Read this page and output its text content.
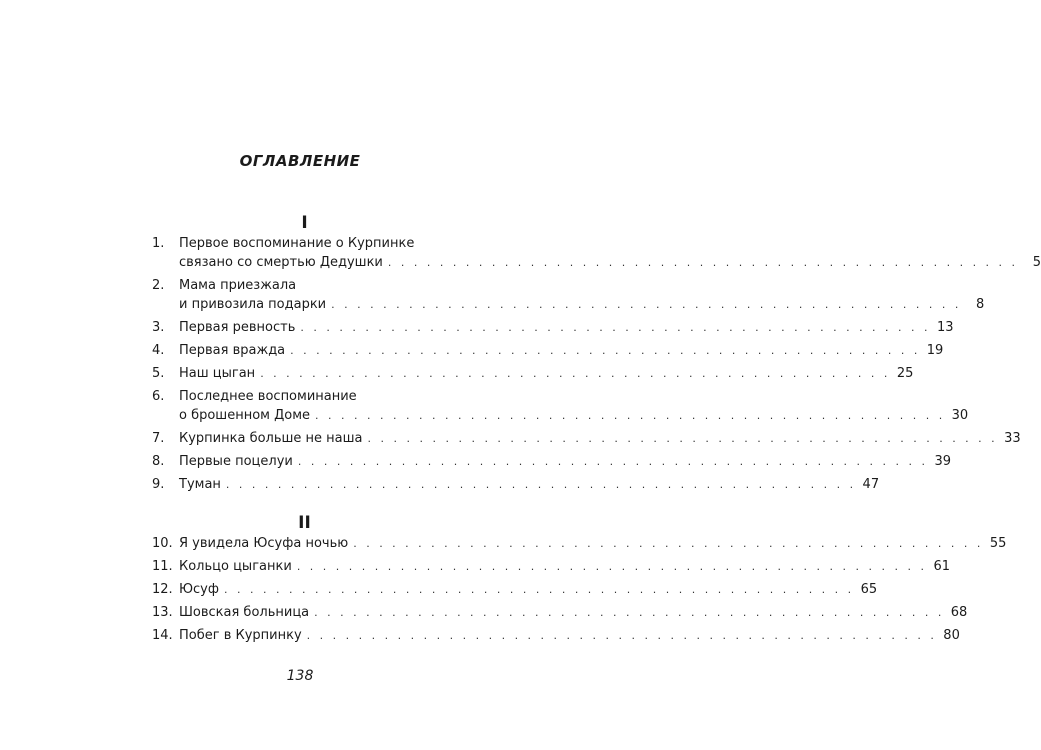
ОГЛАВЛЕНИЕ
I
1.	Первое воспоминание о Курпинке
связано со смертью Дедушки . . .	5
2.	Мама приезжала
и привозила подарки . . .	8
3.	Первая ревность . . .	13
4.	Первая вражда . . .	19
5.	Наш цыган . . .	25
6.	Последнее воспоминание
о брошенном Доме . . .	30
7.	Курпинка больше не наша . . .	33
8.	Первые поцелуи . . .	39
9.	Туман . . .	47
II
10. Я увидела Юсуфа ночью . . .	55
11. Кольцо цыганки . . .	61
12. Юсуф . . .	65
13. Шовская больница . . .	68
14. Побег в Курпинку . . .	80
138
